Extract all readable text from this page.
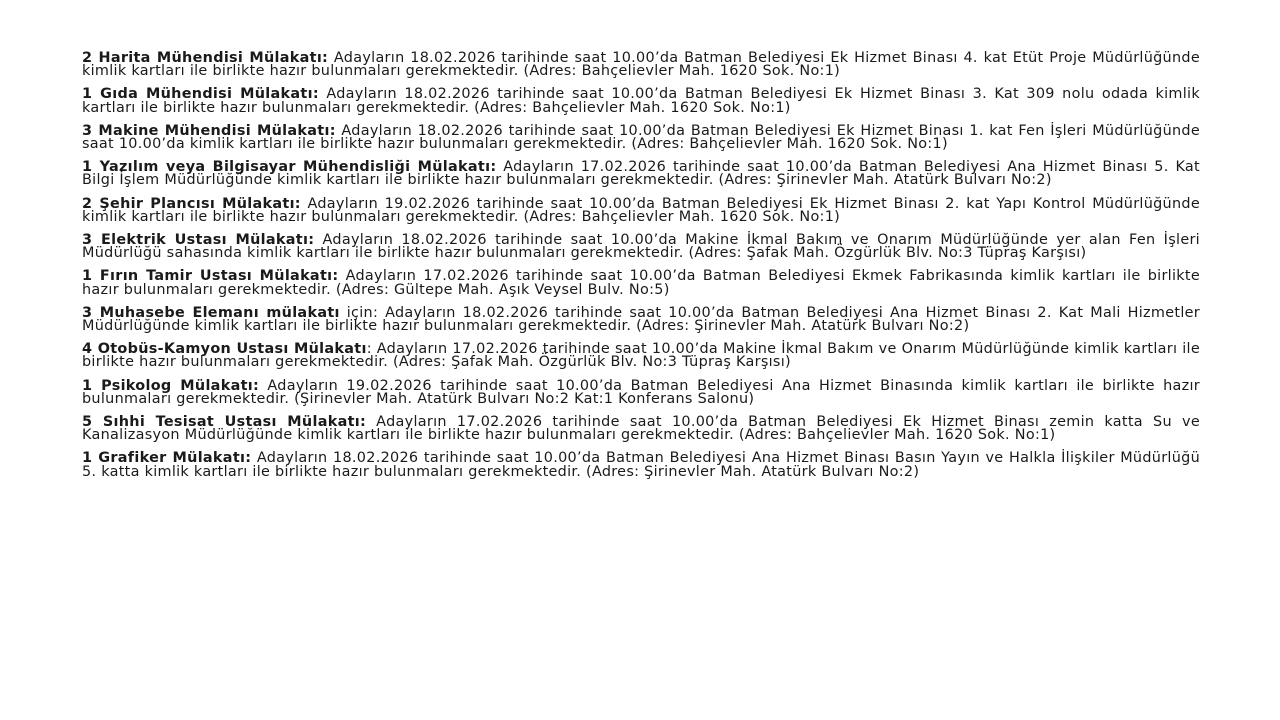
2 Harita Mühendisi Mülakatı: Adayların 18.02.2026 tarihinde saat 10.00’da Batman Belediyesi Ek Hizmet Binası 4. kat Etüt Proje Müdürlüğünde kimlik kartları ile birlikte hazır bulunmaları gerekmektedir. (Adres: Bahçelievler Mah. 1620 Sok. No:1)

1 Gıda Mühendisi Mülakatı: Adayların 18.02.2026 tarihinde saat 10.00’da Batman Belediyesi Ek Hizmet Binası 3. Kat 309 nolu odada kimlik kartları ile birlikte hazır bulunmaları gerekmektedir. (Adres: Bahçelievler Mah. 1620 Sok. No:1)

3 Makine Mühendisi Mülakatı: Adayların 18.02.2026 tarihinde saat 10.00’da Batman Belediyesi Ek Hizmet Binası 1. kat Fen İşleri Müdürlüğünde saat 10.00’da kimlik kartları ile birlikte hazır bulunmaları gerekmektedir. (Adres: Bahçelievler Mah. 1620 Sok. No:1)

1 Yazılım veya Bilgisayar Mühendisliği Mülakatı: Adayların 17.02.2026 tarihinde saat 10.00’da Batman Belediyesi Ana Hizmet Binası 5. Kat Bilgi İşlem Müdürlüğünde kimlik kartları ile birlikte hazır bulunmaları gerekmektedir. (Adres: Şirinevler Mah. Atatürk Bulvarı No:2)

2 Şehir Plancısı Mülakatı: Adayların 19.02.2026 tarihinde saat 10.00’da Batman Belediyesi Ek Hizmet Binası 2. kat Yapı Kontrol Müdürlüğünde kimlik kartları ile birlikte hazır bulunmaları gerekmektedir. (Adres: Bahçelievler Mah. 1620 Sok. No:1)

3 Elektrik Ustası Mülakatı: Adayların 18.02.2026 tarihinde saat 10.00’da Makine İkmal Bakım ve Onarım Müdürlüğünde yer alan Fen İşleri Müdürlüğü sahasında kimlik kartları ile birlikte hazır bulunmaları gerekmektedir. (Adres: Şafak Mah. Özgürlük Blv. No:3 Tüpraş Karşısı)

1 Fırın Tamir Ustası Mülakatı: Adayların 17.02.2026 tarihinde saat 10.00’da Batman Belediyesi Ekmek Fabrikasında kimlik kartları ile birlikte hazır bulunmaları gerekmektedir. (Adres: Gültepe Mah. Aşık Veysel Bulv. No:5)

3 Muhasebe Elemanı mülakatı için: Adayların 18.02.2026 tarihinde saat 10.00’da Batman Belediyesi Ana Hizmet Binası 2. Kat Mali Hizmetler Müdürlüğünde kimlik kartları ile birlikte hazır bulunmaları gerekmektedir. (Adres: Şirinevler Mah. Atatürk Bulvarı No:2)

4 Otobüs-Kamyon Ustası Mülakatı: Adayların 17.02.2026 tarihinde saat 10.00’da Makine İkmal Bakım ve Onarım Müdürlüğünde kimlik kartları ile birlikte hazır bulunmaları gerekmektedir. (Adres: Şafak Mah. Özgürlük Blv. No:3 Tüpraş Karşısı)

1 Psikolog Mülakatı: Adayların 19.02.2026 tarihinde saat 10.00’da Batman Belediyesi Ana Hizmet Binasında kimlik kartları ile birlikte hazır bulunmaları gerekmektedir. (Şirinevler Mah. Atatürk Bulvarı No:2 Kat:1 Konferans Salonu)

5 Sıhhi Tesisat Ustası Mülakatı: Adayların 17.02.2026 tarihinde saat 10.00’da Batman Belediyesi Ek Hizmet Binası zemin katta Su ve Kanalizasyon Müdürlüğünde kimlik kartları ile birlikte hazır bulunmaları gerekmektedir. (Adres: Bahçelievler Mah. 1620 Sok. No:1)

1 Grafiker Mülakatı: Adayların 18.02.2026 tarihinde saat 10.00’da Batman Belediyesi Ana Hizmet Binası Basın Yayın ve Halkla İlişkiler Müdürlüğü 5. katta kimlik kartları ile birlikte hazır bulunmaları gerekmektedir. (Adres: Şirinevler Mah. Atatürk Bulvarı No:2)
